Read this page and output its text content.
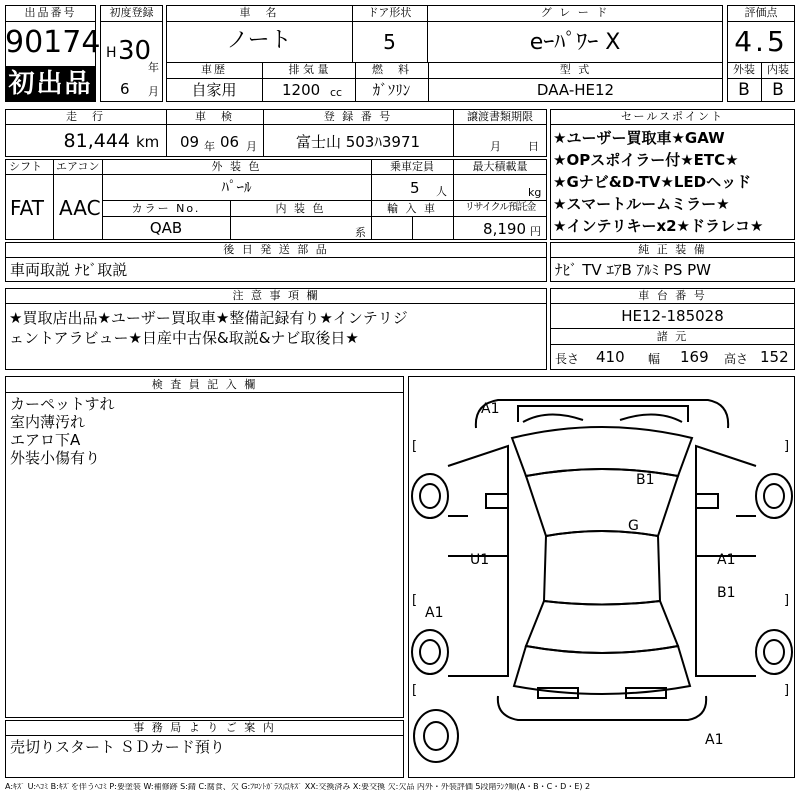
出品番号
90174
初出品
初度登録
H 30
年
6 月
車　名
ノート
ドア形状
5
グ レ ー ド
eｰﾊﾟﾜｰ X
車歴
自家用
排 気 量
1200 cc
燃　料
ｶﾞｿﾘﾝ
型 式
DAA-HE12
評価点
4.5
外装	内装
B	B
走　行
81,444 km
車　検
09 年 06 月
登 録 番 号
富士山 503ﾊ3971
譲渡書類期限
月 日
シフト
FAT
エアコン
AAC
外 装 色
ﾊﾟｰﾙ
乗車定員
5 人
最大積載量
kg
カラー No.
QAB
内 装 色
系
輸 入 車	リサイクル預託金
8,190 円
セールスポイント
★ユーザー買取車★GAW
★OPスポイラー付★ETC★
★Gナビ&D-TV★LEDヘッド
★スマートルームミラー★
★インテリキーx2★ドラレコ★
後 日 発 送 部 品
車両取説 ﾅﾋﾞ取説
純 正 装 備
ﾅﾋﾞ TV ｴｱB ｱﾙﾐ PS PW
注 意 事 項 欄
★買取店出品★ユーザー買取車★整備記録有り★インテリジ
ェントアラビュー★日産中古保&取説&ナビ取後日★
車 台 番 号
HE12-185028
諸 元
長さ 410 幅 169 高さ 152
検 査 員 記 入 欄
カーペットすれ
室内薄汚れ
エアロ下A
外装小傷有り
事 務 局 よ り ご 案 内
売切りスタート ＳＤカード預り
A1
B1
G
U1	A1
B1
A1
A1
[	]
[	]
[	]
A:ｷｽﾞ U:ﾍｺﾐ B:ｷｽﾞを伴うﾍｺﾐ P:要塗装 W:補修跡 S:錆 C:腐食、欠 G:ﾌﾛﾝﾄｶﾞﾗｽ点ｷｽﾞ XX:交換済み X:要交換 欠:欠品 内外・外装評価 5段階ﾗﾝｸ順(A・B・C・D・E) 2
